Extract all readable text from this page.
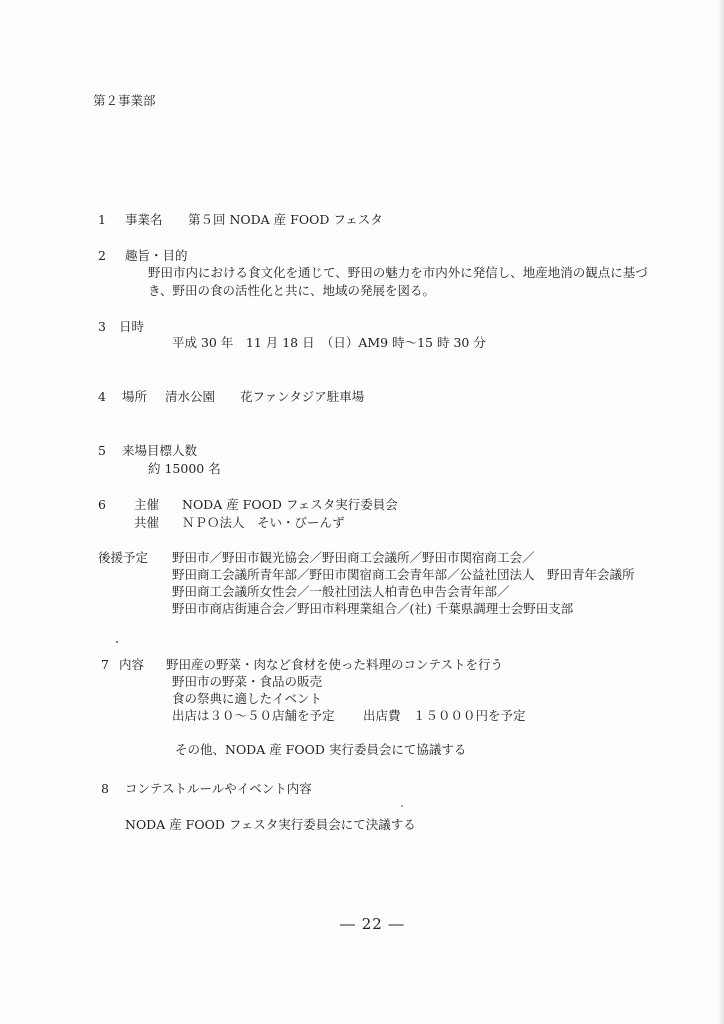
第２事業部
1 事業名 第５回 NODA 産 FOOD フェスタ
2 趣旨・目的
野田市内における食文化を通じて、野田の魅力を市内外に発信し、地産地消の観点に基づ
き、野田の食の活性化と共に、地域の発展を図る。
3 日時
平成 30 年　11 月 18 日　（日）AM9 時～15 時 30 分
4 場所 清水公園　　花ファンタジア駐車場
5 来場目標人数
約 15000 名
6 主催 NODA 産 FOOD フェスタ実行委員会
共催 ＮＰＯ法人　そい・びーんず
後援予定 野田市／野田市観光協会／野田商工会議所／野田市関宿商工会／
野田商工会議所青年部／野田市関宿商工会青年部／公益社団法人　野田青年会議所
野田商工会議所女性会／一般社団法人柏青色申告会青年部／
野田市商店街連合会／野田市料理業組合／(社) 千葉県調理士会野田支部
7 内容 野田産の野菜・肉など食材を使った料理のコンテストを行う
野田市の野菜・食品の販売
食の祭典に適したイベント
出店は３０～５０店舗を予定 出店費　１５０００円を予定
その他、NODA 産 FOOD 実行委員会にて協議する
8 コンテストルールやイベント内容
NODA 産 FOOD フェスタ実行委員会にて決議する
― 22 ―
